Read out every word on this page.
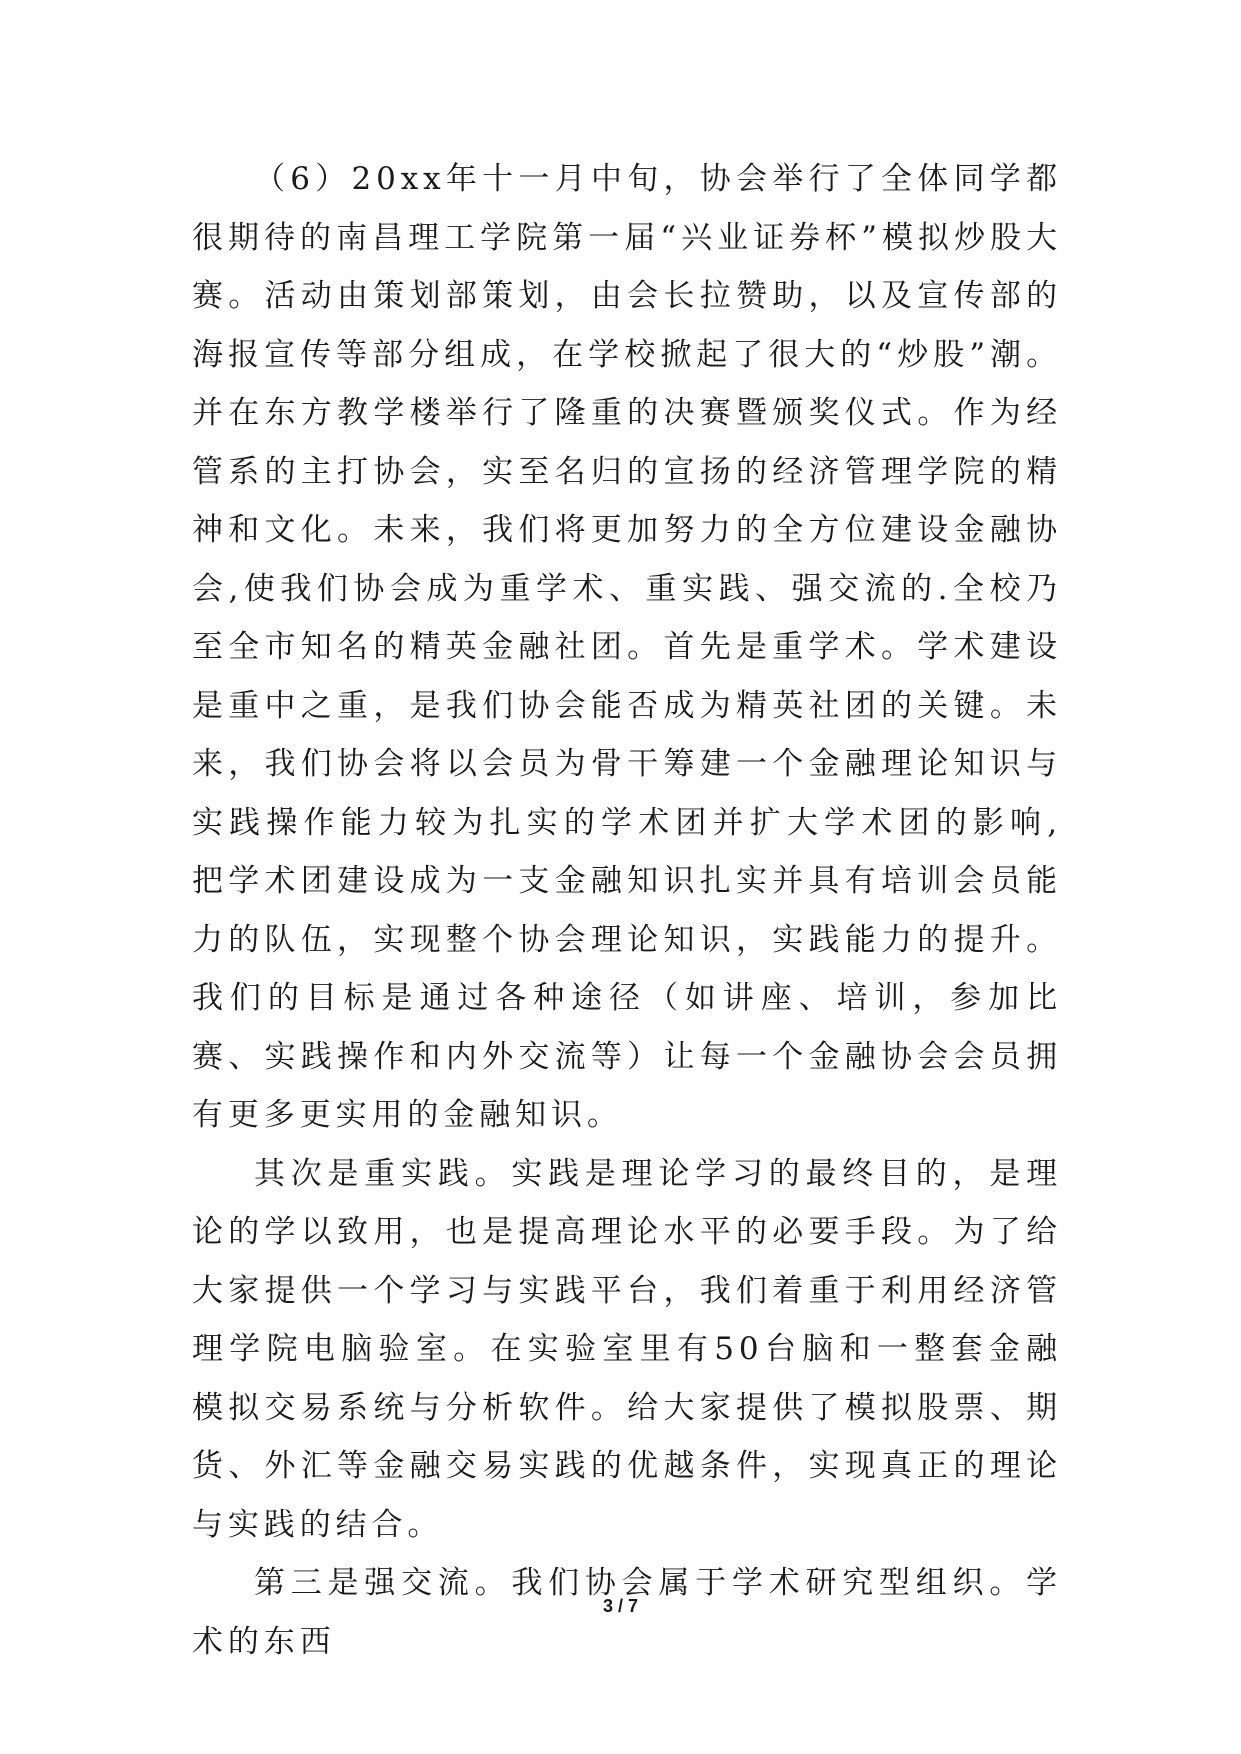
（6）20xx年十一月中旬，协会举行了全体同学都很期待的南昌理工学院第一届“兴业证券杯”模拟炒股大赛。活动由策划部策划，由会长拉赞助，以及宣传部的海报宣传等部分组成，在学校掀起了很大的“炒股”潮。并在东方教学楼举行了隆重的决赛暨颁奖仪式。作为经管系的主打协会，实至名归的宣扬的经济管理学院的精神和文化。未来，我们将更加努力的全方位建设金融协会,使我们协会成为重学术、重实践、强交流的.全校乃至全市知名的精英金融社团。首先是重学术。学术建设是重中之重，是我们协会能否成为精英社团的关键。未来，我们协会将以会员为骨干筹建一个金融理论知识与实践操作能力较为扎实的学术团并扩大学术团的影响,把学术团建设成为一支金融知识扎实并具有培训会员能力的队伍，实现整个协会理论知识，实践能力的提升。我们的目标是通过各种途径（如讲座、培训，参加比赛、实践操作和内外交流等）让每一个金融协会会员拥有更多更实用的金融知识。

其次是重实践。实践是理论学习的最终目的，是理论的学以致用，也是提高理论水平的必要手段。为了给大家提供一个学习与实践平台，我们着重于利用经济管理学院电脑验室。在实验室里有50台脑和一整套金融模拟交易系统与分析软件。给大家提供了模拟股票、期货、外汇等金融交易实践的优越条件，实现真正的理论与实践的结合。

第三是强交流。我们协会属于学术研究型组织。学术的东西

3 / 7
